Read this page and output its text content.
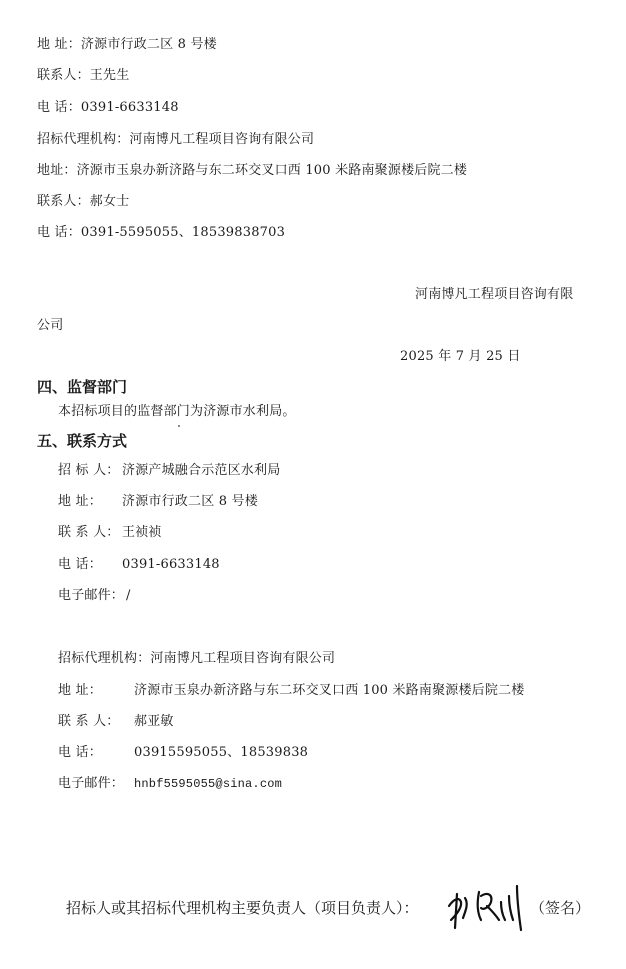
地 址：济源市行政二区 8 号楼
联系人：王先生
电 话：0391-6633148
招标代理机构：河南博凡工程项目咨询有限公司
地址：济源市玉泉办新济路与东二环交叉口西 100 米路南聚源楼后院二楼
联系人：郝女士
电 话：0391-5595055、18539838703
河南博凡工程项目咨询有限
公司
2025 年 7 月 25 日
四、监督部门
本招标项目的监督部门为济源市水利局。
五、联系方式
招 标 人： 济源产城融合示范区水利局
地 址： 济源市行政二区 8 号楼
联 系 人： 王祯祯
电 话： 0391-6633148
电子邮件： /
招标代理机构：河南博凡工程项目咨询有限公司
地 址： 济源市玉泉办新济路与东二环交叉口西 100 米路南聚源楼后院二楼
联 系 人： 郝亚敏
电 话： 03915595055、18539838
电子邮件： hnbf5595055@sina.com
招标人或其招标代理机构主要负责人（项目负责人）：	（签名）
